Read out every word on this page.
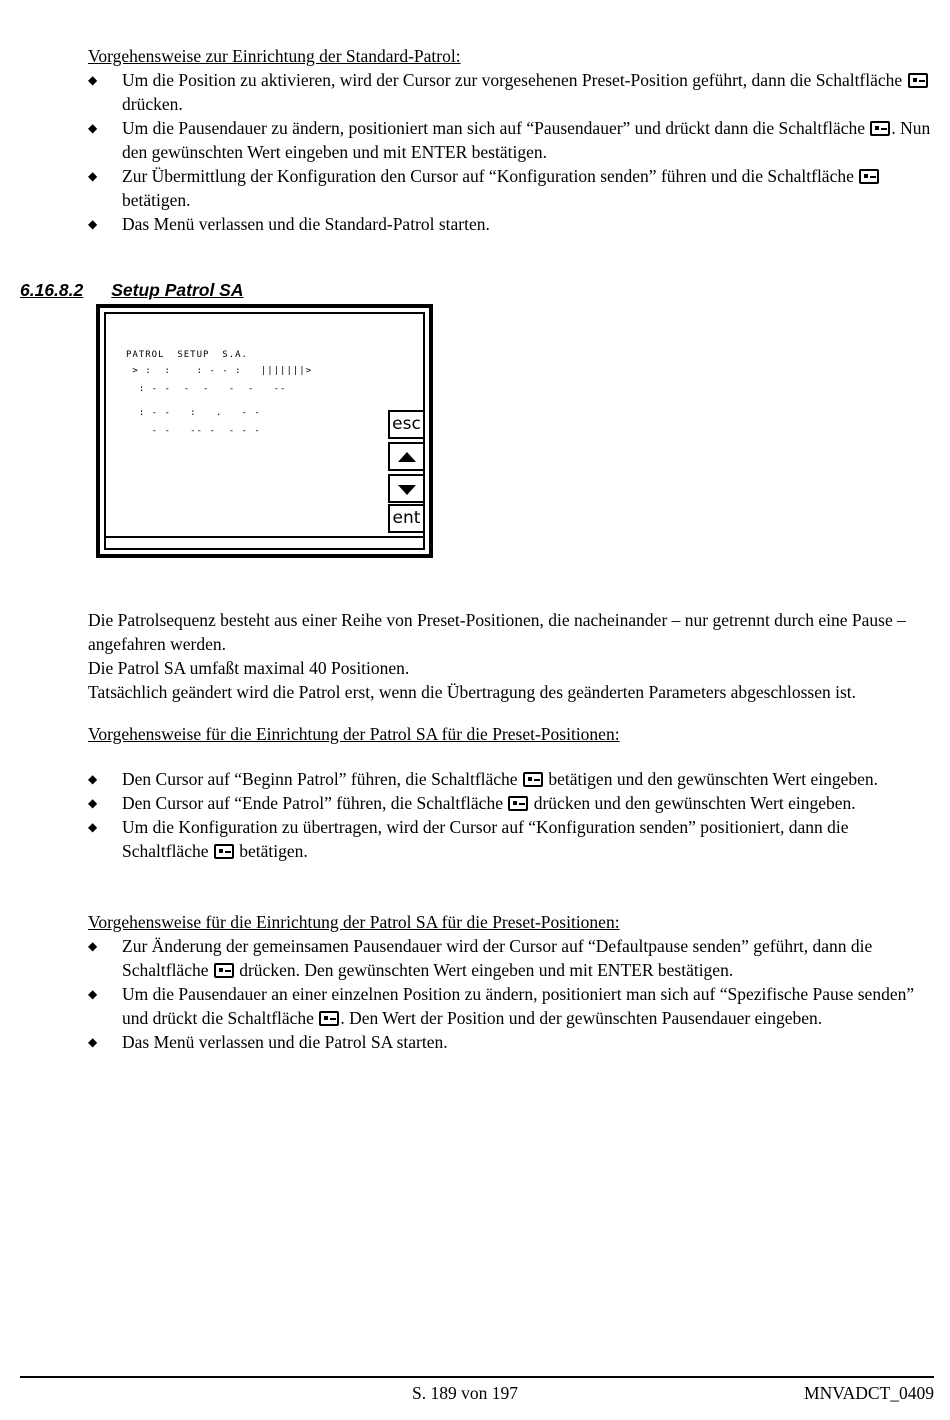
Vorgehensweise zur Einrichtung der Standard-Patrol:
◆ Um die Position zu aktivieren, wird der Cursor zur vorgesehenen Preset-Position geführt, dann die Schaltfläche  drücken.
◆ Um die Pausendauer zu ändern, positioniert man sich auf “Pausendauer” und drückt dann die Schaltfläche . Nun den gewünschten Wert eingeben und mit ENTER bestätigen.
◆ Zur Übermittlung der Konfiguration den Cursor auf “Konfiguration senden” führen und die Schaltfläche  betätigen.
◆ Das Menü verlassen und die Standard-Patrol starten.
6.16.8.2 Setup Patrol SA
PATROL  SETUP  S.A.
> :  :    : - - :   |||||||>
: - -  -  -   -  -   --
: - -   :   .   - -
- -   -- -  - - -	esc
ent
Die Patrolsequenz besteht aus einer Reihe von Preset-Positionen, die nacheinander – nur getrennt durch eine Pause – angefahren werden.
Die Patrol SA umfaßt maximal 40 Positionen.
Tatsächlich geändert wird die Patrol erst, wenn die Übertragung des geänderten Parameters abgeschlossen ist.
Vorgehensweise für die Einrichtung der Patrol SA für die Preset-Positionen:
◆ Den Cursor auf “Beginn Patrol” führen, die Schaltfläche  betätigen und den gewünschten Wert eingeben.
◆ Den Cursor auf “Ende Patrol” führen, die Schaltfläche  drücken und den gewünschten Wert eingeben.
◆ Um die Konfiguration zu übertragen, wird der Cursor auf “Konfiguration senden” positioniert, dann die Schaltfläche  betätigen.
Vorgehensweise für die Einrichtung der Patrol SA für die Preset-Positionen:
◆ Zur Änderung der gemeinsamen Pausendauer wird der Cursor auf “Defaultpause senden” geführt, dann die Schaltfläche  drücken. Den gewünschten Wert eingeben und mit ENTER bestätigen.
◆ Um die Pausendauer an einer einzelnen Position zu ändern, positioniert man sich auf “Spezifische Pause senden” und drückt die Schaltfläche . Den Wert der Position und der gewünschten Pausendauer eingeben.
◆ Das Menü verlassen und die Patrol SA starten.
S. 189 von 197	MNVADCT_0409
